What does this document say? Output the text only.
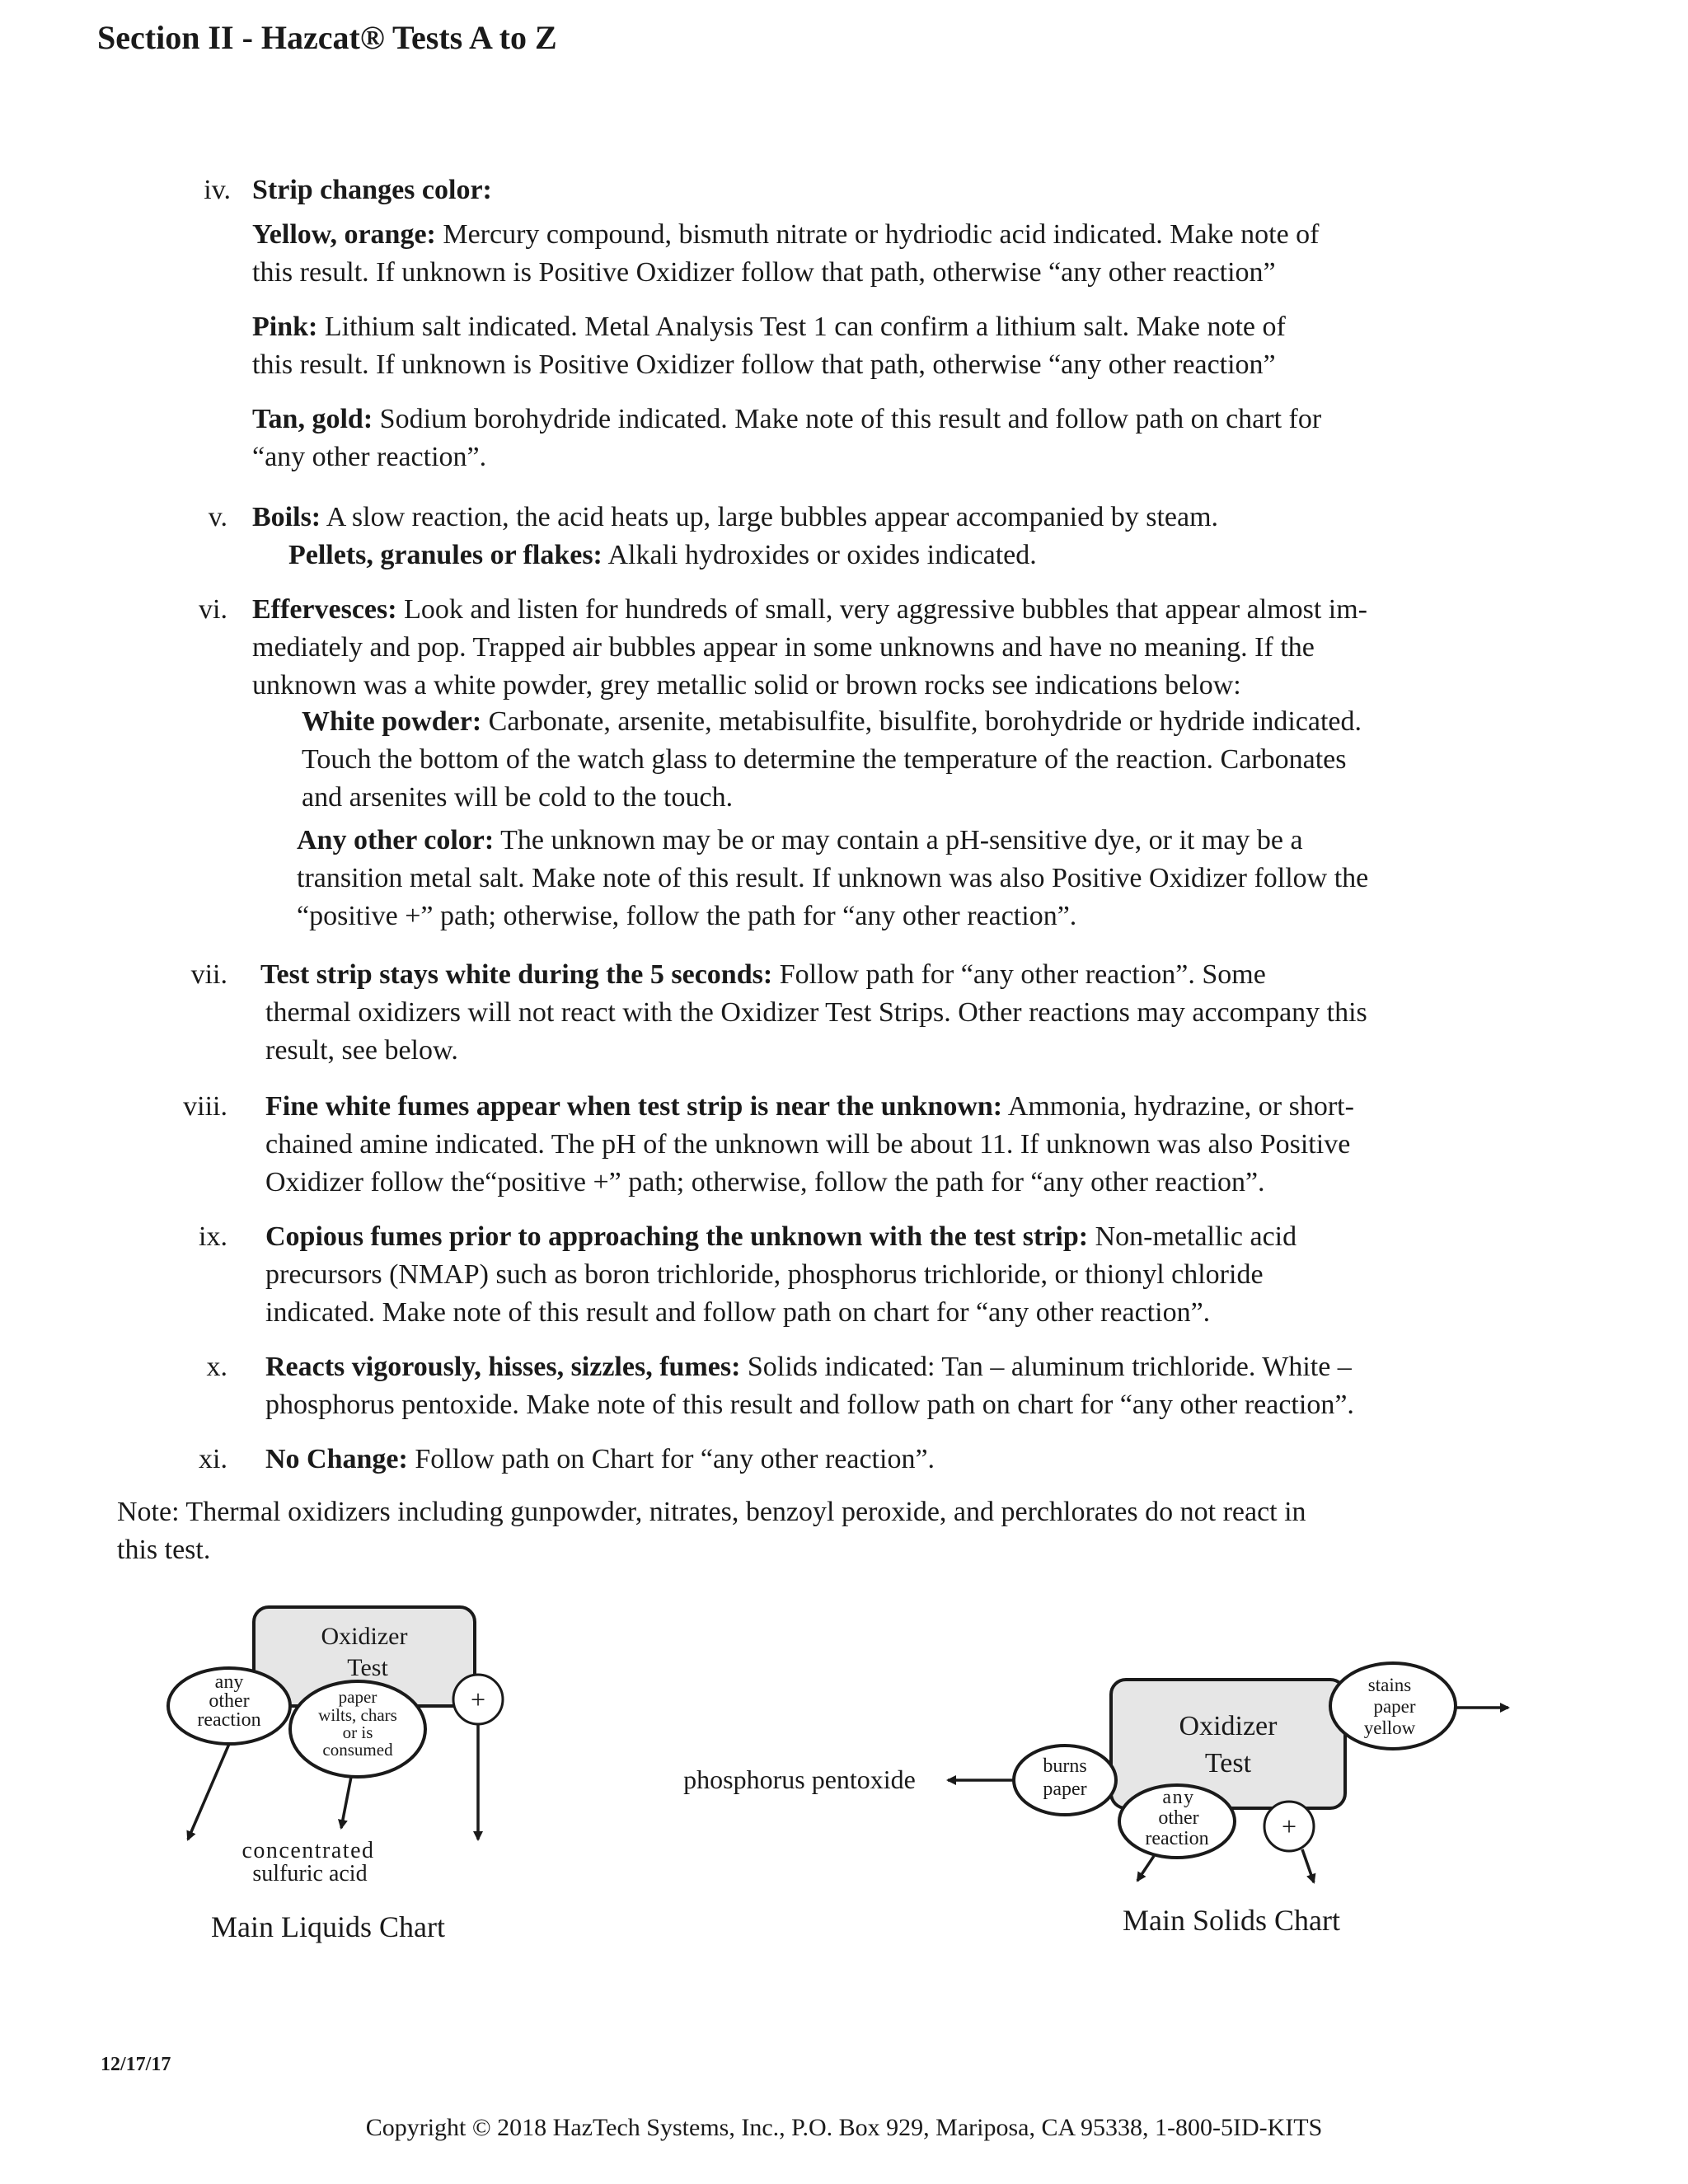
Section II - Hazcat® Tests A to Z
iv. Strip changes color:
Yellow, orange: Mercury compound, bismuth nitrate or hydriodic acid indicated. Make note of
this result. If unknown is Positive Oxidizer follow that path, otherwise “any other reaction”
Pink: Lithium salt indicated. Metal Analysis Test 1 can confirm a lithium salt. Make note of
this result. If unknown is Positive Oxidizer follow that path, otherwise “any other reaction”
Tan, gold: Sodium borohydride indicated. Make note of this result and follow path on chart for
“any other reaction”.
v. Boils: A slow reaction, the acid heats up, large bubbles appear accompanied by steam.
Pellets, granules or flakes: Alkali hydroxides or oxides indicated.
vi. Effervesces: Look and listen for hundreds of small, very aggressive bubbles that appear almost im-
mediately and pop. Trapped air bubbles appear in some unknowns and have no meaning. If the
unknown was a white powder, grey metallic solid or brown rocks see indications below:
White powder: Carbonate, arsenite, metabisulfite, bisulfite, borohydride or hydride indicated.
Touch the bottom of the watch glass to determine the temperature of the reaction. Carbonates
and arsenites will be cold to the touch.
Any other color: The unknown may be or may contain a pH-sensitive dye, or it may be a
transition metal salt. Make note of this result. If unknown was also Positive Oxidizer follow the
“positive +” path; otherwise, follow the path for “any other reaction”.
vii. Test strip stays white during the 5 seconds: Follow path for “any other reaction”. Some
thermal oxidizers will not react with the Oxidizer Test Strips. Other reactions may accompany this
result, see below.
viii. Fine white fumes appear when test strip is near the unknown: Ammonia, hydrazine, or short-
chained amine indicated. The pH of the unknown will be about 11. If unknown was also Positive
Oxidizer follow the“positive +” path; otherwise, follow the path for “any other reaction”.
ix. Copious fumes prior to approaching the unknown with the test strip: Non-metallic acid
precursors (NMAP) such as boron trichloride, phosphorus trichloride, or thionyl chloride
indicated. Make note of this result and follow path on chart for “any other reaction”.
x. Reacts vigorously, hisses, sizzles, fumes: Solids indicated: Tan – aluminum trichloride. White –
phosphorus pentoxide. Make note of this result and follow path on chart for “any other reaction”.
xi. No Change: Follow path on Chart for “any other reaction”.
Note: Thermal oxidizers including gunpowder, nitrates, benzoyl peroxide, and perchlorates do not react in
this test.
Oxidizer
Test
any
other
reaction
paper
wilts, chars
or is
consumed
+
concentrated
sulfuric acid
Main Liquids Chart
Oxidizer
Test
stains
paper
yellow
burns
paper	any
other
reaction	+
phosphorus pentoxide
Main Solids Chart
12/17/17
Copyright © 2018 HazTech Systems, Inc., P.O. Box 929, Mariposa, CA 95338, 1-800-5ID-KITS
